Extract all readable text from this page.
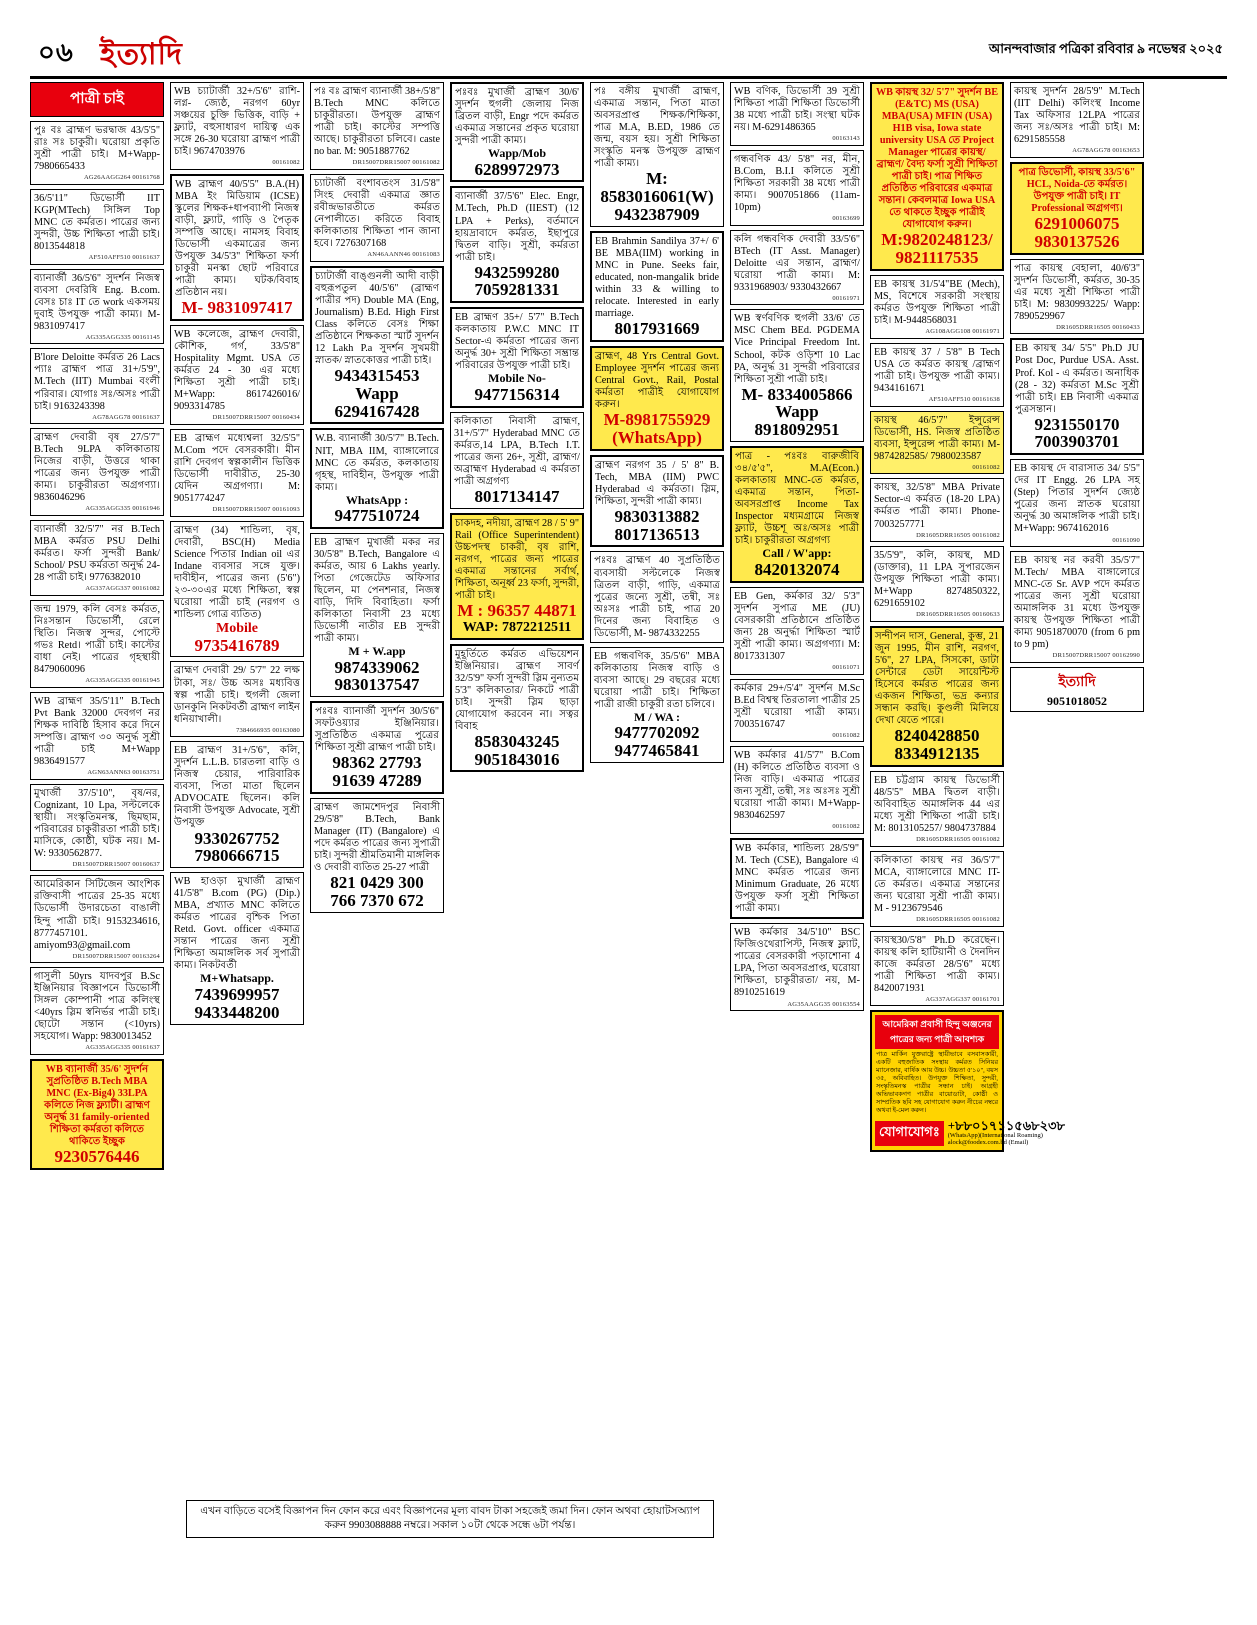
০৬ ইত্যাদি	আনন্দবাজার পত্রিকা রবিবার ৯ নভেম্বর ২০২৫
পাত্রী চাই
পুঃ বঃ ব্রাহ্মণ ভরদ্বাজ 43/5'5" রাঃ সঃ চাকুরী। ঘরোয়া প্রকৃতি সুশ্রী পাত্রী চাই। M+Wapp-7980665433
AG26AAGG264 00161768
36/5'11" ডিভোর্সী IIT KGP(MTech) সিঙ্গিল Top MNC তে কর্মরত। পাত্রের জন্য সুন্দরী, উচ্চ শিক্ষিতা পাত্রী চাই। 8013544818
AF510AFF510 00161637
ব্যানার্জী 36/5'6" সুদর্শন নিজস্ব ব্যবসা দেবরিষি Eng. B.com. বেসঃ চাঃ IT তে work একসময় দুবাই উপযুক্ত পাত্রী কাম্য। M-9831097417
AG335AGG335 00161145
B'lore Deloitte কর্মরত 26 Lacs প্যাঃ ব্রাহ্মণ পাত্র 31+/5'9", M.Tech (IIT) Mumbai বংলী পরিবার। যোগাঃ সঃ/অসঃ পাত্রী চাই। 9163243398
AG78AGG78 00161637
ব্রাহ্মণ দেবারী বৃষ 27/5'7" B.Tech 9LPA কলিকাতায় নিজের বাড়ী, উত্তরে থাকা পাত্রের জন্য উপযুক্ত পাত্রী কাম্য। চাকুরীরতা অগ্রগণ্যা। 9836046296
AG335AGG335 00161946
ব্যানার্জী 32/5'7" নর B.Tech MBA কর্মরত PSU Delhi কর্মরত। ফর্সা সুন্দরী Bank/ School/ PSU কর্মরতা অনুর্দ্ধ 24-28 পাত্রী চাই। 9776382010
AG337AGG337 00161082
জন্ম 1979, কলি বেসঃ কর্মরত, নিঃসন্তান ডিভোর্সী, রেলে স্থিতি। নিজস্ব সুন্দর, পোস্টে গভঃ Retd। পাত্রী চাই। কাস্টের বাধা নেই। পাত্রের গৃহস্থায়ী 8479060096
AG335AGG335 00161945
WB ব্রাহ্মণ 35/5'11" B.Tech Pvt Bank 32000 দেবগণ নর শিক্ষক দাবিষ্ঠি হিসাব করে দিনে সম্পত্তি। ব্রাহ্মণ ৩০ অনুর্দ্ধ সুশ্রী পাত্রী চাই M+Wapp 9836491577
AGN63ANN63 00163751
মুখার্জী 37/5'10", বৃষ/নর, Cognizant, 10 Lpa, সল্টলেকে স্থায়ী। সংস্কৃতিমনস্ক, ছিমছাম, পরিবারের চাকুরীরতা পাত্রী চাই। মাসিকে, কোষ্ঠী, ঘটক নয়। M-W: 9330562877.
DR15007DRR15007 00160637
আমেরিকান সিটিজেন আংশিক রক্তিবাসী পাত্রের 25-35 মধ্যে ডিভোর্সী উদারচেতা বাঙালী হিন্দু পাত্রী চাই। 9153234616, 8777457101. amiyom93@gmail.com
DR15007DRR15007 00163264
গাসুলী 50yrs যাদবপুর B.Sc ইঞ্জিনিয়ার বিজ্ঞাপনে ডিভোর্সী সিঙ্গল কোম্পানী পাত্র কলিংস্থ <40yrs স্লিম স্বনির্ভর পাত্রী চাই। ছোটো সন্তান (<10yrs) সহযোগ। Wapp: 9830013452
AG335AGG335 00161637
WB ব্যানার্জী 35/6' সুদর্শন সুপ্রতিষ্ঠিত B.Tech MBA MNC (Ex-Big4) 33LPA কলিতে নিজ ফ্ল্যাটী। ব্রাহ্মণ অনুর্দ্ধ 31 family-oriented শিক্ষিতা কর্মরতা কলিতে থাকিতে ইচ্ছুক
9230576446
WB চ্যাটার্জী 32+/5'6" রাশি-লগ্ন- জ্যেষ্ঠ, নরগণ 60yr সঞ্চয়ের চুক্তি ভিত্তিক, বাড়ি + ফ্ল্যাট, বহুসাধারণ দায়িত্ব এক সঙ্গে 26-30 ঘরোয়া ব্রাহ্মণ পাত্রী চাই। 9674703976
00161082
WB ব্রাহ্মণ 40/5'5" B.A.(H) MBA ইং মিডিয়াম (ICSE) স্কুলের শিক্ষক+ধাপব্যাপী নিজস্ব বাড়ী, ফ্ল্যাট, গাড়ি ও পৈতৃক সম্পত্তি আছে। নামসহ বিবাহ ডিভোর্সী একমাত্রের জন্য উপযুক্ত 34/5'3" শিক্ষিতা ফর্সা চাকুরী মনস্কা ছোট পরিবারে পাত্রী কাম্য। ঘটক/বিবাহ প্রতিষ্ঠান নয়।
M- 9831097417
WB কলেজে, ব্রাহ্মণ দেবারী, কৌশিক, গর্গ, 33/5'8" Hospitality Mgmt. USA তে কর্মরত 24 - 30 এর মধ্যে শিক্ষিতা সুশ্রী পাত্রী চাই। M+Wapp: 8617426016/ 9093314785
DR15007DRR15007 00160434
EB ব্রাহ্মণ মধ্যেশ্বলা 32/5'5" M.Com পদে বেসরকারী। মীন রাশি দেবগণ স্বল্পকালীন ভিত্তিক ডিভোর্সী দাবীরীত, 25-30 যেদিন অগ্রগণ্যা। M: 9051774247
DR15007DRR15007 00161093
ব্রাহ্মণ (34) শান্ডিল্য, বৃষ, দেবারী, BSC(H) Media Science পিতার Indian oil এর Indane ব্যবসার সঙ্গে যুক্ত। দাবীহীন, পাত্রের জন্য (5'6") ২৩-৩০এর মধ্যে শিক্ষিতা, স্বল্প ঘরোয়া পাত্রী চাই (নরগণ ও শান্ডিল্য গোত্র ব্যতিত)
Mobile
9735416789
ব্রাহ্মণ দেবারী 29/ 5'7" 22 লক্ষ টাকা, সঃ/ উচ্চ অসঃ মধ্যবিত্ত স্বল্প পাত্রী চাই। হুগলী জেলা ডানকুনি নিকটবর্তী ব্রাহ্মণ লাইন ধনিয়াখালী।
7384666935 00163080
EB ব্রাহ্মণ 31+/5'6", কলি, সুদর্শন L.L.B. চারতলা বাড়ি ও নিজস্ব চেয়ার, পারিবারিক ব্যবসা, পিতা মাতা ছিলেন ADVOCATE ছিলেন। কলি নিবাসী উপযুক্ত Advocate, সুশ্রী উপযুক্ত
9330267752
7980666715
WB হাওড়া মুখার্জী ব্রাহ্মণ 41/5'8" B.com (PG) (Dip.) MBA, প্রখ্যাত MNC কলিতে কর্মরত পাত্রের বৃশ্চিক পিতা Retd. Govt. officer একমাত্র সন্তান পাত্রের জন্য সুশ্রী শিক্ষিতা অমাঙ্গলিক সর্ব সুপাত্রী কাম্য। নিকটবর্তী
M+Whatsapp.
7439699957
9433448200
পঃ বঃ ব্রাহ্মণ ব্যানার্জী 38+/5'8" B.Tech MNC কলিতে চাকুরীরতা। উপযুক্ত ব্রাহ্মণ পাত্রী চাই। কাস্টের সম্পত্তি আছে। চাকুরীরতা চলিবে। caste no bar. M: 9051887762
DR15007DRR15007 00161082
চ্যাটার্জী বংশাবতংস 31/5'8" সিংহ দেবারী একমাত্র জ্ঞাত রবীন্দ্রভারতীতে কর্মরত নেপালীতে। করিতে বিবাহ কলিকাতায় শিক্ষিতা পান জানা হবে। 7276307168
AN46AANN46 00161083
চ্যাটার্জী বাঙ্গুনলী আদী বাড়ী বহুরূপতুল 40/5'6" (ব্রাহ্মণ পাত্রীর পদ) Double MA (Eng, Journalism) B.Ed. High First Class কলিতে বেসঃ শিক্ষা প্রতিষ্ঠানে শিক্ষকতা স্মার্ট সুদর্শন 12 Lakh P.a সুদর্শন সুখময়ী স্নাতক/ স্নাতকোত্তর পাত্রী চাই।
9434315453
Wapp
6294167428
W.B. ব্যানার্জী 30/5'7" B.Tech. NIT, MBA IIM, ব্যাঙ্গালোরে MNC তে কর্মরত, কলকাতায় গৃহস্থ, দাবিহীন, উপযুক্ত পাত্রী কাম্য।
WhatsApp :
9477510724
EB ব্রাহ্মণ মুখার্জী মকর নর 30/5'8" B.Tech, Bangalore এ কর্মরত, আয় 6 Lakhs yearly. পিতা গেজেটেড অফিসার ছিলেন, মা পেনশনার, নিজস্ব বাড়ি, দিদি বিবাহিতা। ফর্সা কলিকাতা নিবাসী 23 মধ্যে ডিভোর্সী নাতীর EB সুন্দরী পাত্রী কাম্য।
M + W.app
9874339062
9830137547
পঃবঃ ব্যানার্জী সুদর্শন 30/5'6" সফটওয়্যার ইঞ্জিনিয়ার। সুপ্রতিষ্ঠিত একমাত্র পুত্রের শিক্ষিতা সুশ্রী ব্রাহ্মণ পাত্রী চাই।
98362 27793
91639 47289
ব্রাহ্মণ জামশেদপুর নিবাসী 29/5'8" B.Tech, Bank Manager (IT) (Bangalore) এ পদে কর্মরত পাত্রের জন্য সুপাত্রী চাই। সুন্দরী শ্রীমতিমানী মাঙ্গলিক ও দেবারী ব্যতিত 25-27 পাত্রী
821 0429 300
766 7370 672
পঃবঃ মুখার্জী ব্রাহ্মণ 30/6' সুদর্শন হুগলী জেলায় নিজ ব্রিতল বাড়ী, Engr পদে কর্মরত একমাত্র সন্তানের প্রকৃত ঘরোয়া সুন্দরী পাত্রী কাম্য।
Wapp/Mob
6289972973
ব্যানার্জী 37/5'6" Elec. Engr, M.Tech, Ph.D (IIEST) (12 LPA + Perks), বর্তমানে হায়দ্রাবাদে কর্মরত, ইছাপুরে দ্বিতল বাড়ি। সুশ্রী, কর্মরতা পাত্রী চাই।
9432599280
7059281331
EB ব্রাহ্মণ 35+/ 5'7" B.Tech কলকাতায় P.W.C MNC IT Sector-এ কর্মরতা পাত্রের জন্য অনুর্দ্ধ 30+ সুশ্রী শিক্ষিতা সম্ভ্রান্ত পরিবারের উপযুক্ত পাত্রী চাই।
Mobile No-
9477156314
কলিকাতা নিবাসী ব্রাহ্মণ, 31+/5'7" Hyderabad MNC তে কর্মরত,14 LPA, B.Tech I.T. পাত্রের জন্য 26+, সুশ্রী, ব্রাহ্মণ/অব্রাহ্মণ Hyderabad এ কর্মরতা পাত্রী অগ্রগণ্য
8017134147
চাকদহ, নদীয়া, ব্রাহ্মণ 28 / 5' 9" Rail (Office Superintendent) উচ্চপদস্থ চাকরী, বৃষ রাশি, নরগণ, পাত্রের জন্য পাত্রের একমাত্র সন্তানের সর্বার্থ, শিক্ষিতা, অনূর্ধ্ব 23 ফর্সা, সুন্দরী, পাত্রী চাই।
M : 96357 44871
WAP: 7872212511
মুহূর্তিতে কর্মরত এভিয়েশন ইঞ্জিনিয়ার। ব্রাহ্মণ সাবর্ণ 32/5'9" ফর্সা সুন্দরী স্লিম নুন্যতম 5'3" কলিকাতার/ নিকটে পাত্রী চাই। সুন্দরী স্লিম ছাড়া যোগাযোগ করবেন না। সত্বর বিবাহ
8583043245
9051843016
পঃ বঙ্গীয় মুখার্জী ব্রাহ্মণ, একমাত্র সন্তান, পিতা মাতা অবসরপ্রাপ্ত শিক্ষক/শিক্ষিকা, পাত্র M.A, B.ED, 1986 তে জন্ম, বয়স হয়। সুশ্রী শিক্ষিতা সংস্কৃতি মনস্ক উপযুক্ত ব্রাহ্মণ পাত্রী কাম্য।
M: 8583016061(W)
9432387909
EB Brahmin Sandilya 37+/ 6' BE MBA(IIM) working in MNC in Pune. Seeks fair, educated, non-mangalik bride within 33 & willing to relocate. Interested in early marriage.
8017931669
ব্রাহ্মণ, 48 Yrs Central Govt. Employee সুদর্শন পাত্রের জন্য Central Govt., Rail, Postal কর্মরতা পাত্রীই যোগাযোগ করুন।
M-8981755929 (WhatsApp)
ব্রাহ্মণ নরগণ 35 / 5' 8" B. Tech, MBA (IIM) PWC Hyderabad এ কর্মরতা। স্লিম, শিক্ষিতা, সুন্দরী পাত্রী কাম্য।
9830313882
8017136513
পঃবঃ ব্রাহ্মণ 40 সুপ্রতিষ্ঠিত ব্যবসায়ী সল্টলেকে নিজস্ব ত্রিতল বাড়ী, গাড়ি, একমাত্র পুত্রের জন্যে সুশ্রী, তন্বী, সঃ অঃসঃ পাত্রী চাই, পাত্র 20 দিনের জন্য বিবাহিত ও ডিভোর্সী, M- 9874332255
EB গন্ধবণিক, 35/5'6" MBA কলিকাতায় নিজস্ব বাড়ি ও ব্যবসা আছে। 29 বছরের মধ্যে ঘরোয়া পাত্রী চাই। শিক্ষিতা পাত্রী রাজী চাকুরী রতা চলিবে।
M / WA :
9477702092
9477465841
WB বণিক, ডিভোর্সী 39 সুশ্রী শিক্ষিতা পাত্রী শিক্ষিতা ডিভোর্সী 38 মধ্যে পাত্রী চাই। সংস্থা ঘটক নয়। M-6291486365
00163143
গন্ধবণিক 43/ 5'8" নর, মীন, B.Com, B.I.I কলিতে সুশ্রী শিক্ষিতা সরকারী 38 মধ্যে পাত্রী কাম্য। 9007051866 (11am-10pm)
00163699
কলি গন্ধবণিক দেবারী 33/5'6" BTech (IT Asst. Manager) Deloitte এর সন্তান, ব্রাহ্মণ/ ঘরোয়া পাত্রী কাম্য। M: 9331968903/ 9330432667
00161971
WB স্বর্ণবণিক হুগলী 33/6' তে MSC Chem BEd. PGDEMA Vice Principal Freedom Int. School, কটক ওড়িশা 10 Lac PA, অনুর্দ্ধ 31 সুন্দরী পরিবারের শিক্ষিতা সুশ্রী পাত্রী চাই।
M- 8334005866
Wapp
8918092951
পাত্র - পঃবঃ বারুজীবি ৩৪/৫'৫", M.A(Econ.) কলকাতায় MNC-তে কর্মরত, একমাত্র সন্তান, পিতা- অবসরপ্রাপ্ত Income Tax Inspector মধ্যমগ্রামে নিজস্ব ফ্ল্যাট, উচ্চশূ অঃ/অসঃ পাত্রী চাই। চাকুরীরতা অগ্রগণ্য
Call / W'app:
8420132074
EB Gen, কর্মকার 32/ 5'3" সুদর্শন সুপাত্র ME (JU) বেসরকারী প্রতিষ্ঠানে প্রতিষ্ঠিত জন্য 28 অনুর্দ্ধা শিক্ষিতা স্মার্ট সুশ্রী পাত্রী কাম্য। অগ্রগণ্যা। M: 8017331307
00161071
কর্মকার 29+/5'4" সুদর্শন M.Sc B.Ed বিশ্বস্থ তিরতালা পাত্রীর 25 সুশ্রী ঘরোয়া পাত্রী কাম্য। 7003516747
00161082
WB কর্মকার 41/5'7" B.Com (H) কলিতে প্রতিষ্ঠিত ব্যবসা ও নিজ বাড়ি। একমাত্র পাত্রের জন্য সুশ্রী, তন্বী, সঃ অঃসঃ সুশ্রী ঘরোয়া পাত্রী কাম্য। M+Wapp- 9830462597
00161082
WB কর্মকার, শান্ডিল্য 28/5'9" M. Tech (CSE), Bangalore এ MNC কর্মরত পাত্রের জন্য Minimum Graduate, 26 মধ্যে উপযুক্ত ফর্সা সুশ্রী শিক্ষিতা পাত্রী কাম্য।
WB কর্মকার 34/5'10" BSC ফিজিওথেরাপিস্ট, নিজস্ব ফ্ল্যাট, পাত্রের বেসরকারী পড়াশোনা 4 LPA, পিতা অবসরপ্রাপ্ত, ঘরোয়া শিক্ষিতা, চাকুরীরতা/ নয়, M-8910251619
AG35AAGG35 00163554
WB কায়স্থ 32/ 5'7" সুদর্শন BE (E&TC) MS (USA) MBA(USA) MFIN (USA) H1B visa, Iowa state university USA তে Project Manager পাত্রের কায়স্থ/ ব্রাহ্মণ/ বৈদ্য ফর্সা সুশ্রী শিক্ষিতা পাত্রী চাই। পাত্র শিক্ষিত প্রতিষ্ঠিত পরিবারের একমাত্র সন্তান। কেবলমাত্র Iowa USA তে থাকতে ইচ্ছুক পাত্রীই যোগাযোগ করুন।
M:9820248123/ 9821117535
EB কায়স্থ 31/5'4"BE (Mech), MS, বিশেষে সরকারী সংস্থায় কর্মরত উপযুক্ত শিক্ষিতা পাত্রী চাই। M-9448568031
AG108AGG108 00161971
EB কায়স্থ 37 / 5'8" B Tech USA তে কর্মরত কায়স্থ /ব্রাহ্মণ পাত্রী চাই। উপযুক্ত পাত্রী কাম্য। 9434161671
AF510AFF510 00161638
কায়স্থ 46/5'7" ইন্সুরেন্স ডিভোর্সী, HS. নিজস্ব প্রতিষ্ঠিত ব্যবসা, ইন্সুরেন্স পাত্রী কাম্য। M-9874282585/ 7980023587
00161082
কায়স্থ, 32/5'8" MBA Private Sector-এ কর্মরত (18-20 LPA) কর্মরত পাত্রী কাম্য। Phone- 7003257771
DR1605DRR16505 00161082
35/5'9", কলি, কায়স্থ, MD (ডাক্তার), 11 LPA সুপারজেন উপযুক্ত শিক্ষিতা পাত্রী কাম্য। M+Wapp 8274850322, 6291659102
DR1605DRR16505 00160633
সন্দীপন দাস, General, কুম্ভ, 21 জুন 1995, মীন রাশি, নরগণ, 5'6", 27 LPA, সিসকো, ডাটা সেন্টারে ডেটা সায়েন্টিস্ট হিসেবে কর্মরত পাত্রের জন্য একজন শিক্ষিতা, ভদ্র কন্যার সন্ধান করছি। কুণ্ডলী মিলিয়ে দেখা যেতে পারে।
8240428850
8334912135
EB চট্টগ্রাম কায়স্থ ডিভোর্সী 48/5'5" MBA দ্বিতল বাড়ী। অবিবাহিত অমাঙ্গলিক 44 এর মধ্যে সুশ্রী শিক্ষিতা পাত্রী চাই। M: 8013105257/ 9804737884
DR1605DRR16505 00161082
কলিকাতা কায়স্থ নর 36/5'7" MCA, ব্যাঙ্গালোরে MNC IT-তে কর্মরত। একমাত্র সন্তানের জন্য ঘরোয়া সুশ্রী পাত্রী কাম্য। M - 9123679546
DR1605DRR16505 00161082
কায়স্থ30/5'8" Ph.D করেছেন। কায়স্থ কলি হাটিয়ানী ও দৈনদিন কাজে কর্মরতা 28/5'6" মধ্যে পাত্রী শিক্ষিতা পাত্রী কাম্য। 8420071931
AG337AGG337 00161701
আমেরিকা প্রবাসী হিন্দু অঞ্জনের পাত্রের জন্য পাত্রী আবশ্যক
পাত্র মার্কিন যুক্তরাষ্ট্রে স্থায়ীভাবে বসবাসকারী, একটি বহুজাতিক সংস্থায় কর্মরত সিনিয়র ম্যানেজার, বার্ষিক আয় উচ্চ। উচ্চতা ৫'১০", বয়স ৩৫, অবিবাহিত। উপযুক্ত শিক্ষিতা, সুন্দরী, সংস্কৃতিমনস্ক পাত্রীর সন্ধান চাই। আগ্রহী অভিভাবকগণ পাত্রীর বায়োডাটা, কোষ্ঠী ও সাম্প্রতিক ছবি সহ যোগাযোগ করুন নীচের নম্বরে অথবা ই-মেল করুন।
যোগাযোগঃ +৮৮০১৭১১৫৬৮২৩৮
(WhatsApp)(International Roaming)
alock@foodex.com.bd (Email)
কায়স্থ সুদর্শন 28/5'9" M.Tech (IIT Delhi) কলিংস্থ Income Tax অফিসার 12LPA পাত্রের জন্য সঃ/অসঃ পাত্রী চাই। M: 6291585558
AG78AGG78 00163653
পাত্র ডিভোর্সী, কায়স্থ 33/5'6" HCL, Noida-তে কর্মরত। উপযুক্ত পাত্রী চাই। IT Professional অগ্রগণ্য।
6291006075
9830137526
পাত্র কায়স্থ বেহালা, 40/6'3" সুদর্শন ডিভোর্সী, কর্মরত, 30-35 এর মধ্যে সুশ্রী শিক্ষিতা পাত্রী চাই। M: 9830993225/ Wapp: 7890529967
DR1605DRR16505 00160433
EB কায়স্থ 34/ 5'5" Ph.D JU Post Doc, Purdue USA. Asst. Prof. Kol - এ কর্মরত। অনাধিক (28 - 32) কর্মরতা M.Sc সুশ্রী পাত্রী চাই। EB নিবাসী একমাত্র পুত্রসন্তান।
9231550170
7003903701
EB কায়স্থ দে বারাসাত 34/ 5'5" দের IT Engg. 26 LPA সহ (Step) পিতার সুদর্শন জ্যেষ্ঠ পুত্রের জন্য স্নাতক ঘরোয়া অনুর্দ্ধ 30 অমাঙ্গলিক পাত্রী চাই। M+Wapp: 9674162016
00161090
EB কায়স্থ নর করবী 35/5'7" M.Tech/ MBA বাঙ্গালোরে MNC-তে Sr. AVP পদে কর্মরত পাত্রের জন্য সুশ্রী ঘরোয়া অমাঙ্গলিক 31 মধ্যে উপযুক্ত কায়স্থ উপযুক্ত শিক্ষিতা পাত্রী কাম্য 9051870070 (from 6 pm to 9 pm)
DR15007DRR15007 00162990
ইত্যাদি
9051018052
এখন বাড়িতে বসেই বিজ্ঞাপন দিন ফোন করে এবং বিজ্ঞাপনের মূল্য বাবদ টাকা সহজেই জমা দিন। ফোন অথবা হোয়াটসঅ্যাপ করুন 9903088888 নম্বরে। সকাল ১০টা থেকে সন্ধে ৬টা পর্যন্ত।
